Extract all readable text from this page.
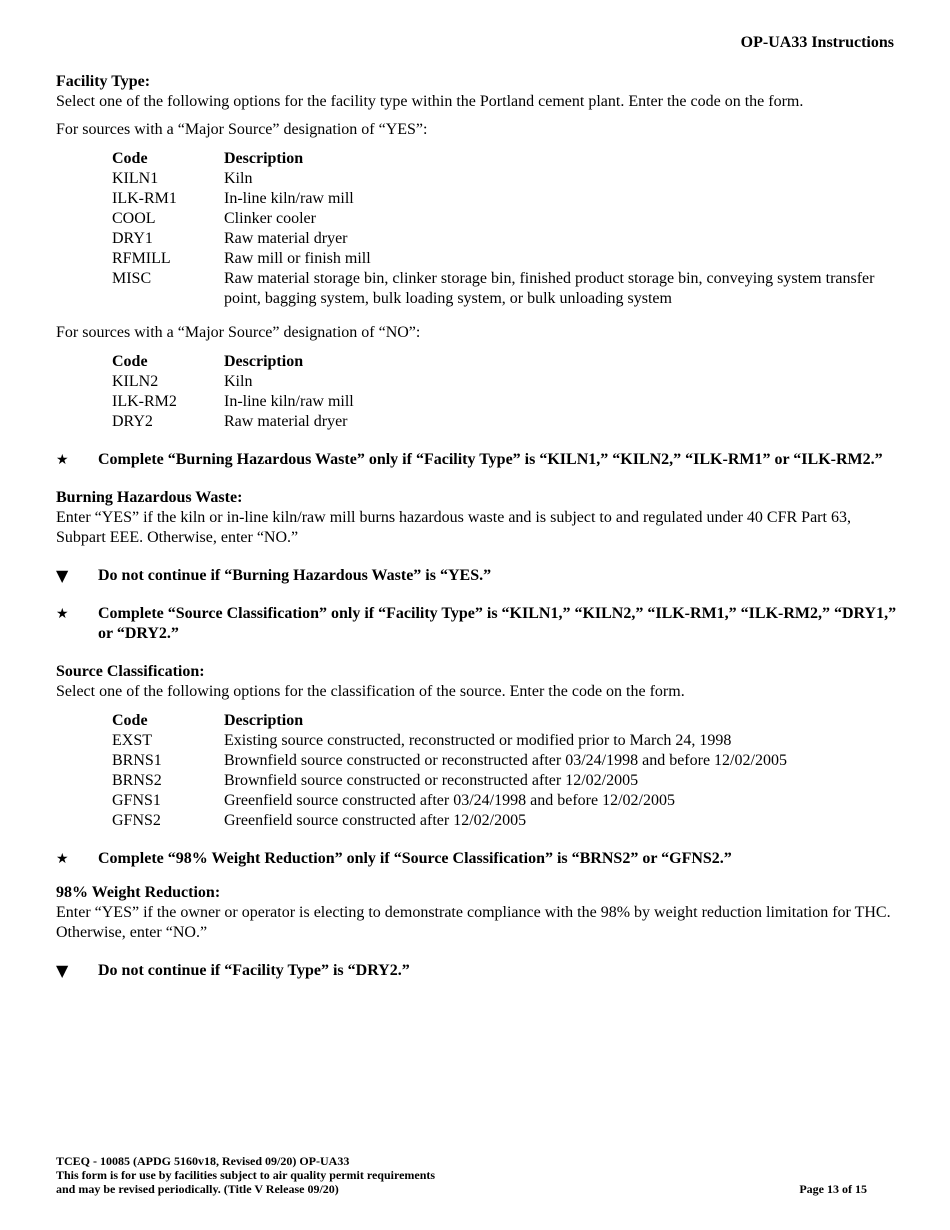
OP-UA33 Instructions
Facility Type:

Select one of the following options for the facility type within the Portland cement plant. Enter the code on the form.

For sources with a “Major Source” designation of “YES”:

Code	Description
KILN1	Kiln
ILK-RM1	In-line kiln/raw mill
COOL	Clinker cooler
DRY1	Raw material dryer
RFMILL	Raw mill or finish mill
MISC	Raw material storage bin, clinker storage bin, finished product storage bin, conveying system transfer point, bagging system, bulk loading system, or bulk unloading system

For sources with a “Major Source” designation of “NO”:

Code	Description
KILN2	Kiln
ILK-RM2	In-line kiln/raw mill
DRY2	Raw material dryer
★	Complete “Burning Hazardous Waste” only if “Facility Type” is “KILN1,” “KILN2,” “ILK-RM1” or “ILK-RM2.”
Burning Hazardous Waste:

Enter “YES” if the kiln or in-line kiln/raw mill burns hazardous waste and is subject to and regulated under 40 CFR Part 63, Subpart EEE. Otherwise, enter “NO.”

▼	Do not continue if “Burning Hazardous Waste” is “YES.”
★	Complete “Source Classification” only if “Facility Type” is “KILN1,” “KILN2,” “ILK-RM1,” “ILK-RM2,” “DRY1,” or “DRY2.”
Source Classification:

Select one of the following options for the classification of the source. Enter the code on the form.

Code	Description
EXST	Existing source constructed, reconstructed or modified prior to March 24, 1998
BRNS1	Brownfield source constructed or reconstructed after 03/24/1998 and before 12/02/2005
BRNS2	Brownfield source constructed or reconstructed after 12/02/2005
GFNS1	Greenfield source constructed after 03/24/1998 and before 12/02/2005
GFNS2	Greenfield source constructed after 12/02/2005
★	Complete “98% Weight Reduction” only if “Source Classification” is “BRNS2” or “GFNS2.”
98% Weight Reduction:

Enter “YES” if the owner or operator is electing to demonstrate compliance with the 98% by weight reduction limitation for THC. Otherwise, enter “NO.”

▼	Do not continue if “Facility Type” is “DRY2.”
TCEQ - 10085 (APDG 5160v18, Revised 09/20) OP-UA33
This form is for use by facilities subject to air quality permit requirements
and may be revised periodically. (Title V Release 09/20)	Page 13 of 15
